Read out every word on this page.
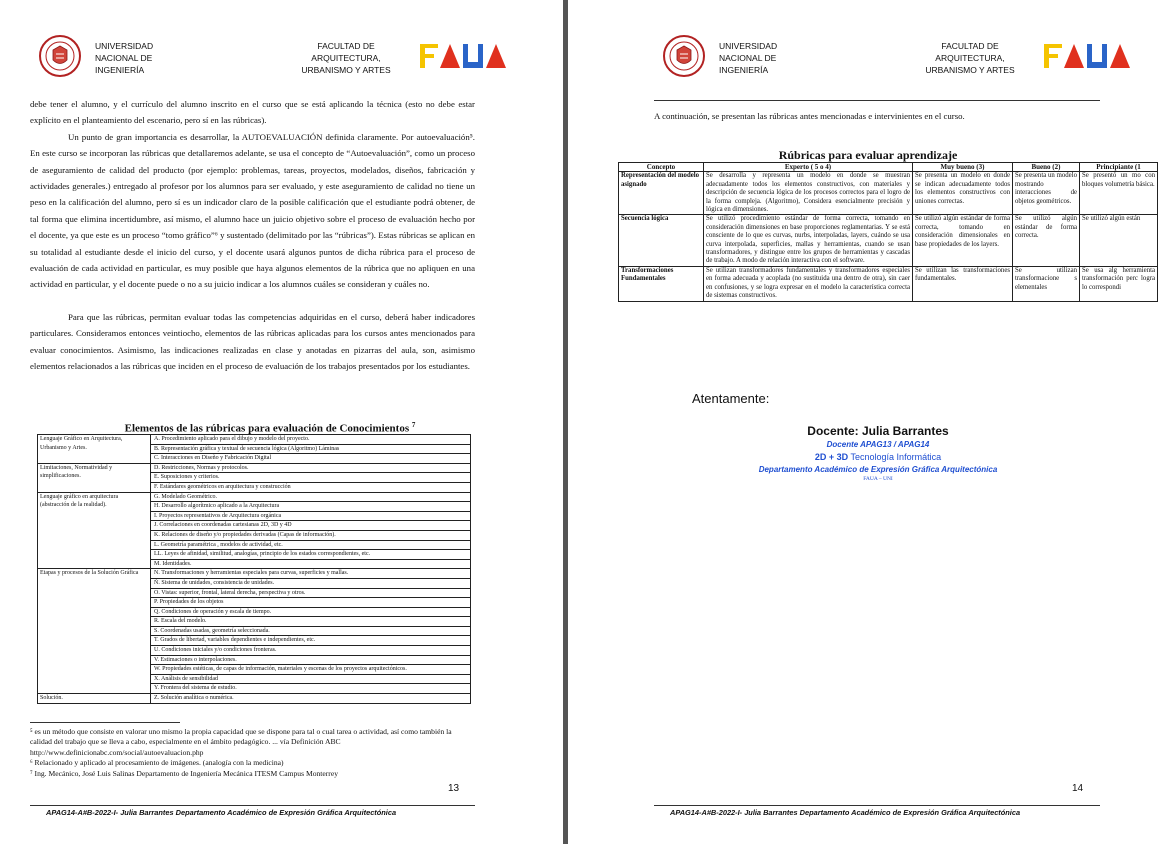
UNIVERSIDAD
NACIONAL DE
INGENIERÍA
FACULTAD DE
ARQUITECTURA,
URBANISMO Y ARTES

debe tener el alumno, y el currículo del alumno inscrito en el curso que se está aplicando la técnica (esto no debe estar explícito en el planteamiento del escenario, pero sí en las rúbricas).

Un punto de gran importancia es desarrollar, la AUTOEVALUACIÓN definida claramente. Por autoevaluación⁵. En este curso se incorporan las rúbricas que detallaremos adelante, se usa el concepto de “Autoevaluación”, como un proceso de aseguramiento de calidad del producto (por ejemplo: problemas, tareas, proyectos, modelados, diseños, fabricación y actividades generales.) entregado al profesor por los alumnos para ser evaluado, y este aseguramiento de calidad no tiene un peso en la calificación del alumno, pero sí es un indicador claro de la posible calificación que el estudiante podrá obtener, de tal forma que elimina incertidumbre, así mismo, el alumno hace un juicio objetivo sobre el proceso de evaluación hecho por el docente, ya que este es un proceso “tomo gráfico”⁶ y sustentado (delimitado por las “rúbricas”). Estas rúbricas se aplican en su totalidad al estudiante desde el inicio del curso, y el docente usará algunos puntos de dicha rúbrica para el proceso de evaluación de cada actividad en particular, es muy posible que haya algunos elementos de la rúbrica que no apliquen en una actividad en particular, y el docente puede o no a su juicio indicar a los alumnos cuáles se consideran y cuáles no.

Para que las rúbricas, permitan evaluar todas las competencias adquiridas en el curso, deberá haber indicadores particulares. Consideramos entonces veintiocho, elementos de las rúbricas aplicadas para los cursos antes mencionados para evaluar conocimientos. Asimismo, las indicaciones realizadas en clase y anotadas en pizarras del aula, son, asimismo elementos relacionados a las rúbricas que inciden en el proceso de evaluación de los trabajos presentados por los estudiantes.

Elementos de las rúbricas para evaluación de Conocimientos $^7$
Lenguaje Gráfico en Arquitectura, Urbanismo y Artes.	A. Procedimiento aplicado para el dibujo y modelo del proyecto.
	B. Representación gráfica y textual de secuencia lógica (Algoritmo) Láminas
	C. Interacciones en Diseño y Fabricación Digital
Limitaciones, Normatividad y simplificaciones.	D. Restricciones, Normas y protocolos.
	E. Suposiciones y criterios.
	F. Estándares geométricos en arquitectura y construcción
Lenguaje gráfico en arquitectura (abstracción de la realidad).	G. Modelado Geométrico.
	H. Desarrollo algorítmico aplicado a la Arquitectura
	I. Proyectos representativos de Arquitectura orgánica
	J. Correlaciones en coordenadas cartesianas 2D, 3D y 4D
	K. Relaciones de diseño y/o propiedades derivadas (Capas de información).
	L. Geometría paramétrica , modelos de actividad, etc.
	LL. Leyes de afinidad, similitud, analogías, principio de los estados correspondientes, etc.
	M. Identidades.
Etapas y procesos de la Solución Gráfica	N. Transformaciones y herramientas especiales para curvas, superficies y mallas.
	Ñ. Sistema de unidades, consistencia de unidades.
	O. Vistas: superior, frontal, lateral derecha, perspectiva y otros.
	P. Propiedades de los objetos
	Q. Condiciones de operación y escala de tiempo.
	R. Escala del modelo.
	S. Coordenadas usadas, geometría seleccionada.
	T. Grados de libertad, variables dependientes e independientes, etc.
	U. Condiciones iniciales y/o condiciones fronteras.
	V. Estimaciones o interpolaciones.
	W. Propiedades estéticas, de capas de información, materiales y escenas de los proyectos arquitectónicos.
	X. Análisis de sensibilidad
	Y. Frontera del sistema de estudio.
Solución.	Z. Solución analítica o numérica.

⁵ es un método que consiste en valorar uno mismo la propia capacidad que se dispone para tal o cual tarea o actividad, así como también la calidad del trabajo que se lleva a cabo, especialmente en el ámbito pedagógico. ... vía Definición ABC http://www.definicionabc.com/social/autoevaluacion.php

⁶ Relacionado y aplicado al procesamiento de imágenes. (analogía con la medicina)

⁷ Ing. Mecánico, José Luis Salinas Departamento de Ingeniería Mecánica ITESM Campus Monterrey

13
APAG14-A#B-2022-I- Julia Barrantes Departamento Académico de Expresión Gráfica Arquitectónica
UNIVERSIDAD
NACIONAL DE
INGENIERÍA
FACULTAD DE
ARQUITECTURA,
URBANISMO Y ARTES
A continuación, se presentan las rúbricas antes mencionadas e intervinientes en el curso.
Rúbricas para evaluar aprendizaje
Concepto	Experto ( 5 o 4)	Muy bueno (3)	Bueno (2)	Principiante (1
Representación del modelo asignado	Se desarrolla y representa un modelo en donde se muestran adecuadamente todos los elementos constructivos, con materiales y descripción de secuencia lógica de los procesos correctos para el logro de la forma compleja. (Algoritmo), Considera esencialmente precisión y lógica en dimensiones.	Se presenta un modelo en donde se indican adecuadamente todos los elementos constructivos con uniones correctas.	Se presenta un modelo mostrando interacciones de objetos geométricos.	Se presentó un mo con bloques volumetría básica.
Secuencia lógica	Se utilizó procedimiento estándar de forma correcta, tomando en consideración dimensiones en base proporciones reglamentarias. Y se está consciente de lo que es curvas, nurbs, interpoladas, layers, cuándo se usa curva interpolada, superficies, mallas y herramientas, cuando se usan transformadores, y distingue entre los grupos de herramientas y cascadas de trabajo. A modo de relación interactiva con el software.	Se utilizó algún estándar de forma correcta, tomando en consideración dimensionales en base propiedades de los layers.	Se utilizó algún estándar de forma correcta.	Se utilizó algún están
Transformaciones Fundamentales	Se utilizan transformadores fundamentales y transformadores especiales en forma adecuada y acoplada (no sustituida una dentro de otra), sin caer en confusiones, y se logra expresar en el modelo la característica correcta de sistemas constructivos.	Se utilizan las transformaciones fundamentales.	Se utilizan transformacione s elementales	Se usa alg herramienta transformación perc logra lo correspondi
Atentamente:
Docente: Julia Barrantes
Docente APAG13 / APAG14
2D + 3D Tecnología Informática
Departamento Académico de Expresión Gráfica Arquitectónica
FAUA – UNI
14
APAG14-A#B-2022-I- Julia Barrantes Departamento Académico de Expresión Gráfica Arquitectónica
